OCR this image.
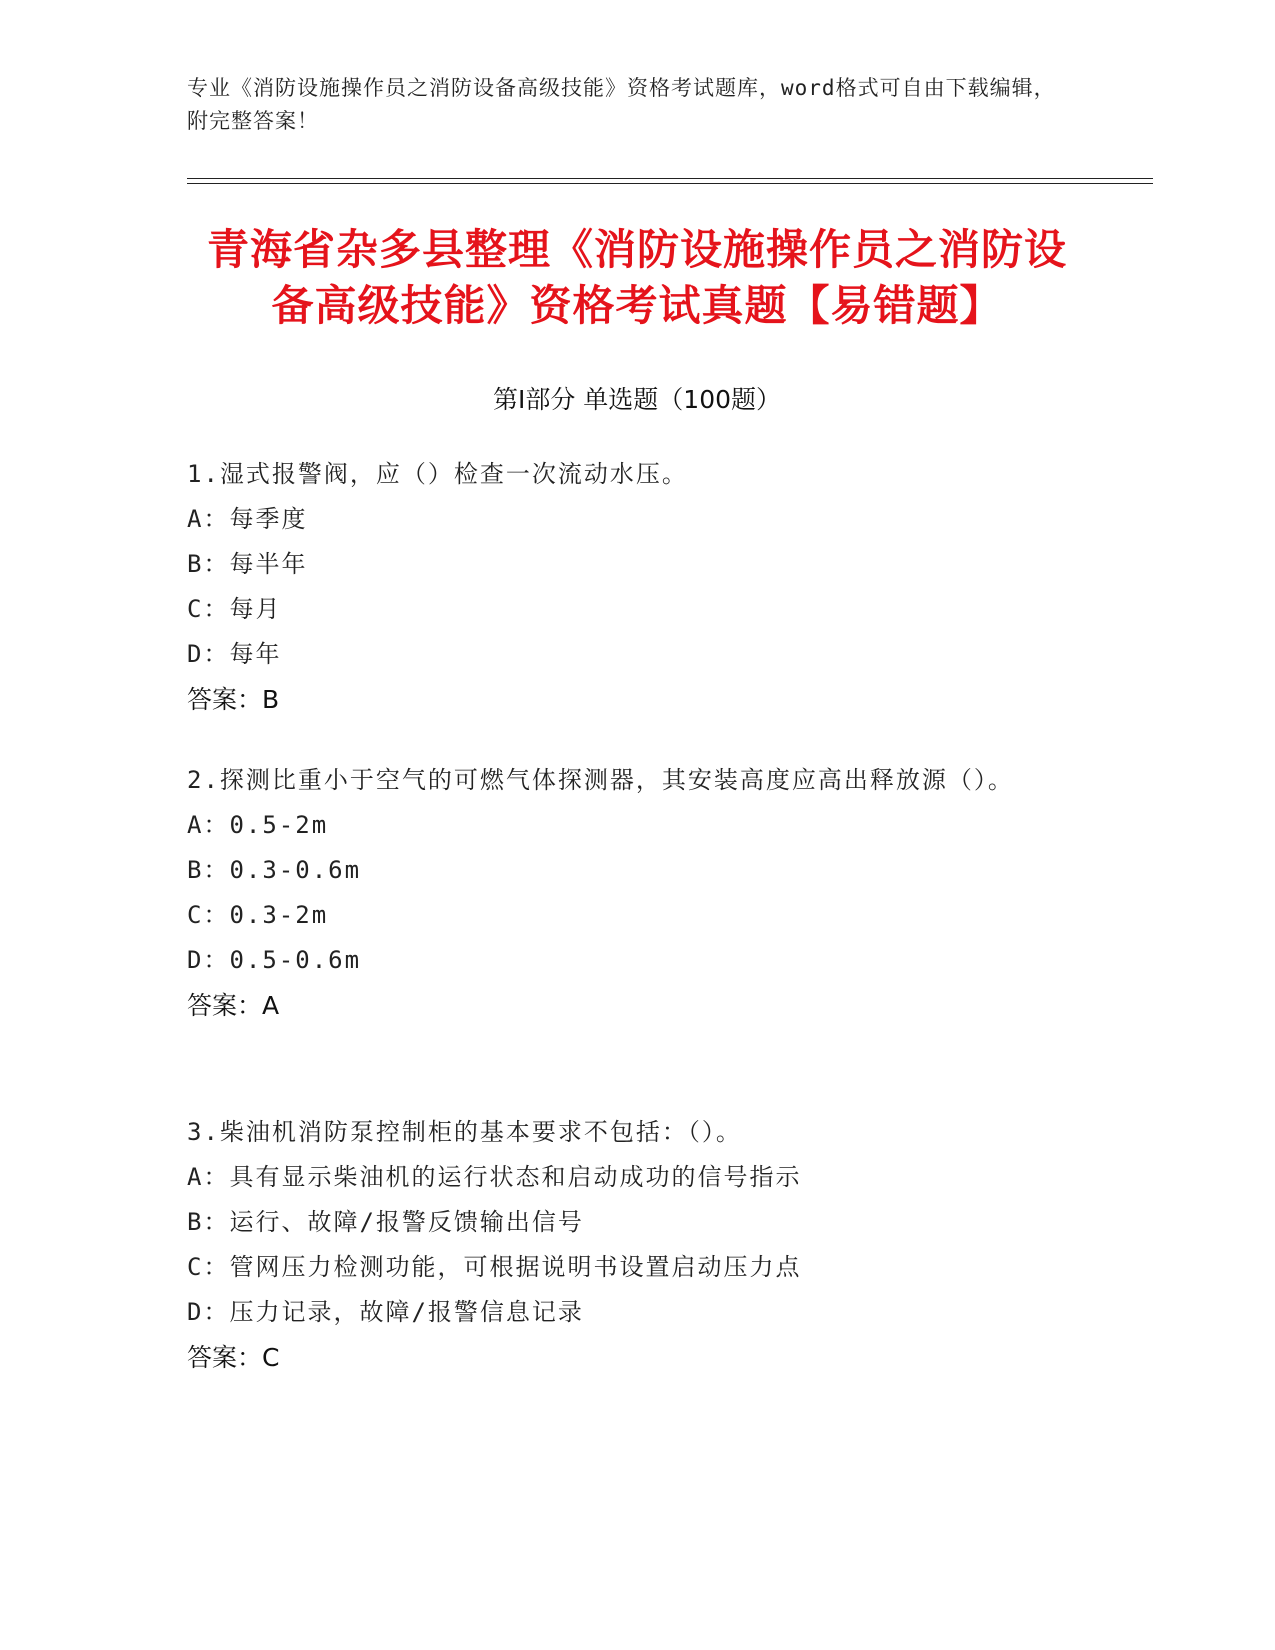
专业《消防设施操作员之消防设备高级技能》资格考试题库，word格式可自由下载编辑，附完整答案！
青海省杂多县整理《消防设施操作员之消防设备高级技能》资格考试真题【易错题】
第Ⅰ部分 单选题（100题）
1.湿式报警阀，应（）检查一次流动水压。
A：每季度
B：每半年
C：每月
D：每年
答案：B
2.探测比重小于空气的可燃气体探测器，其安装高度应高出释放源（）。
A：0.5-2m
B：0.3-0.6m
C：0.3-2m
D：0.5-0.6m
答案：A
3.柴油机消防泵控制柜的基本要求不包括：（）。
A：具有显示柴油机的运行状态和启动成功的信号指示
B：运行、故障/报警反馈输出信号
C：管网压力检测功能，可根据说明书设置启动压力点
D：压力记录，故障/报警信息记录
答案：C
